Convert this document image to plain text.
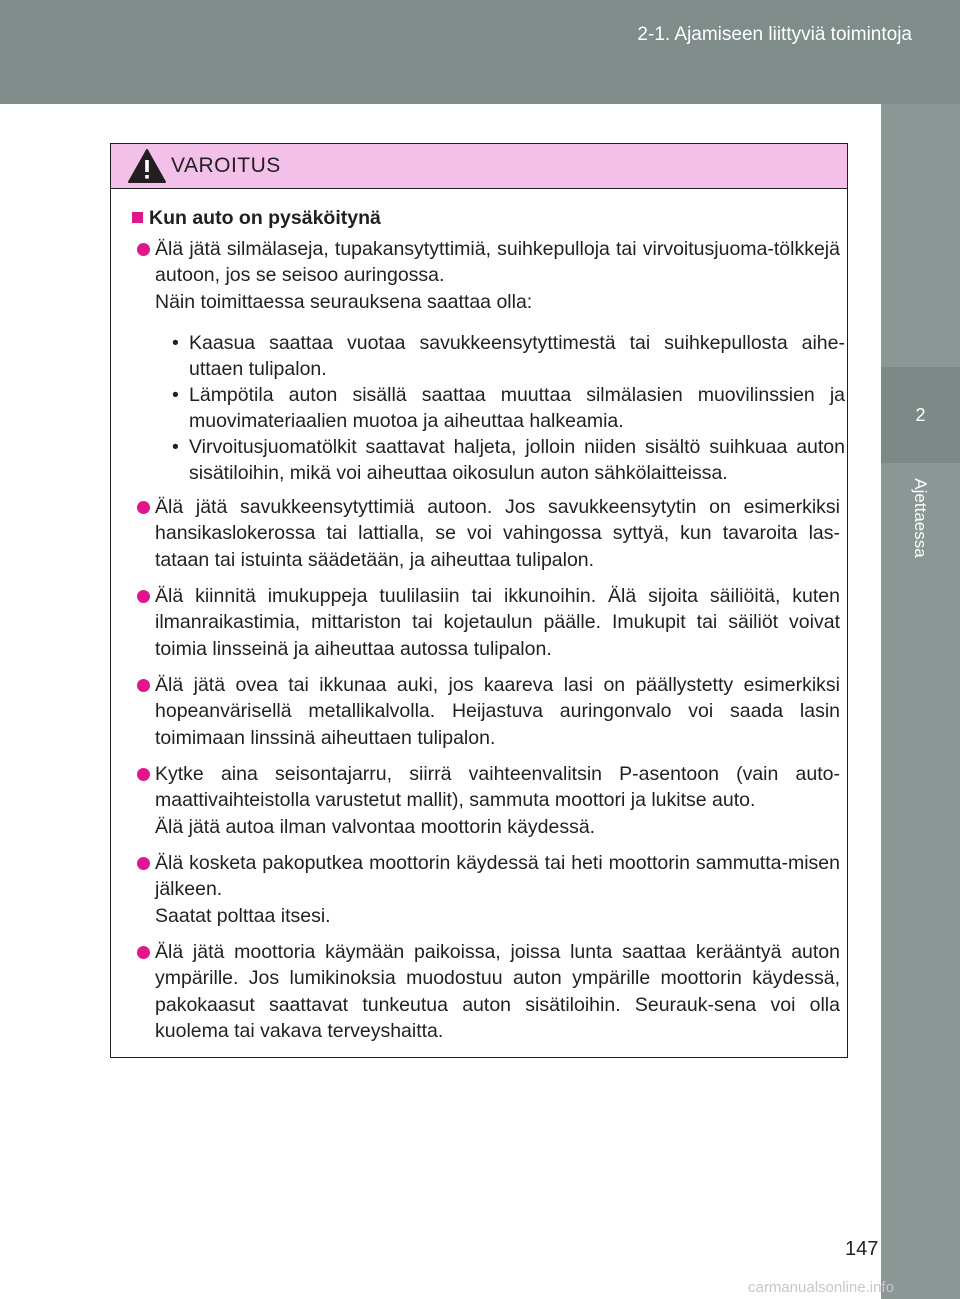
2-1. Ajamiseen liittyviä toimintoja
2
Ajettaessa
VAROITUS
Kun auto on pysäköitynä
Älä jätä silmälaseja, tupakansytyttimiä, suihkepulloja tai virvoitusjuoma-tölkkejä autoon, jos se seisoo auringossa.
Näin toimittaessa seurauksena saattaa olla:
• Kaasua saattaa vuotaa savukkeensytyttimestä tai suihkepullosta aihe-uttaen tulipalon.
• Lämpötila auton sisällä saattaa muuttaa silmälasien muovilinssien ja muovimateriaalien muotoa ja aiheuttaa halkeamia.
• Virvoitusjuomatölkit saattavat haljeta, jolloin niiden sisältö suihkuaa auton sisätiloihin, mikä voi aiheuttaa oikosulun auton sähkölaitteissa.
Älä jätä savukkeensytyttimiä autoon. Jos savukkeensytytin on esimerkiksi hansikaslokerossa tai lattialla, se voi vahingossa syttyä, kun tavaroita las-tataan tai istuinta säädetään, ja aiheuttaa tulipalon.
Älä kiinnitä imukuppeja tuulilasiin tai ikkunoihin. Älä sijoita säiliöitä, kuten ilmanraikastimia, mittariston tai kojetaulun päälle. Imukupit tai säiliöt voivat toimia linsseinä ja aiheuttaa autossa tulipalon.
Älä jätä ovea tai ikkunaa auki, jos kaareva lasi on päällystetty esimerkiksi hopeanvärisellä metallikalvolla. Heijastuva auringonvalo voi saada lasin toimimaan linssinä aiheuttaen tulipalon.
Kytke aina seisontajarru, siirrä vaihteenvalitsin P-asentoon (vain auto-maattivaihteistolla varustetut mallit), sammuta moottori ja lukitse auto.
Älä jätä autoa ilman valvontaa moottorin käydessä.
Älä kosketa pakoputkea moottorin käydessä tai heti moottorin sammutta-misen jälkeen.
Saatat polttaa itsesi.
Älä jätä moottoria käymään paikoissa, joissa lunta saattaa kerääntyä auton ympärille. Jos lumikinoksia muodostuu auton ympärille moottorin käydessä, pakokaasut saattavat tunkeutua auton sisätiloihin. Seurauk-sena voi olla kuolema tai vakava terveyshaitta.
147
carmanualsonline.info
